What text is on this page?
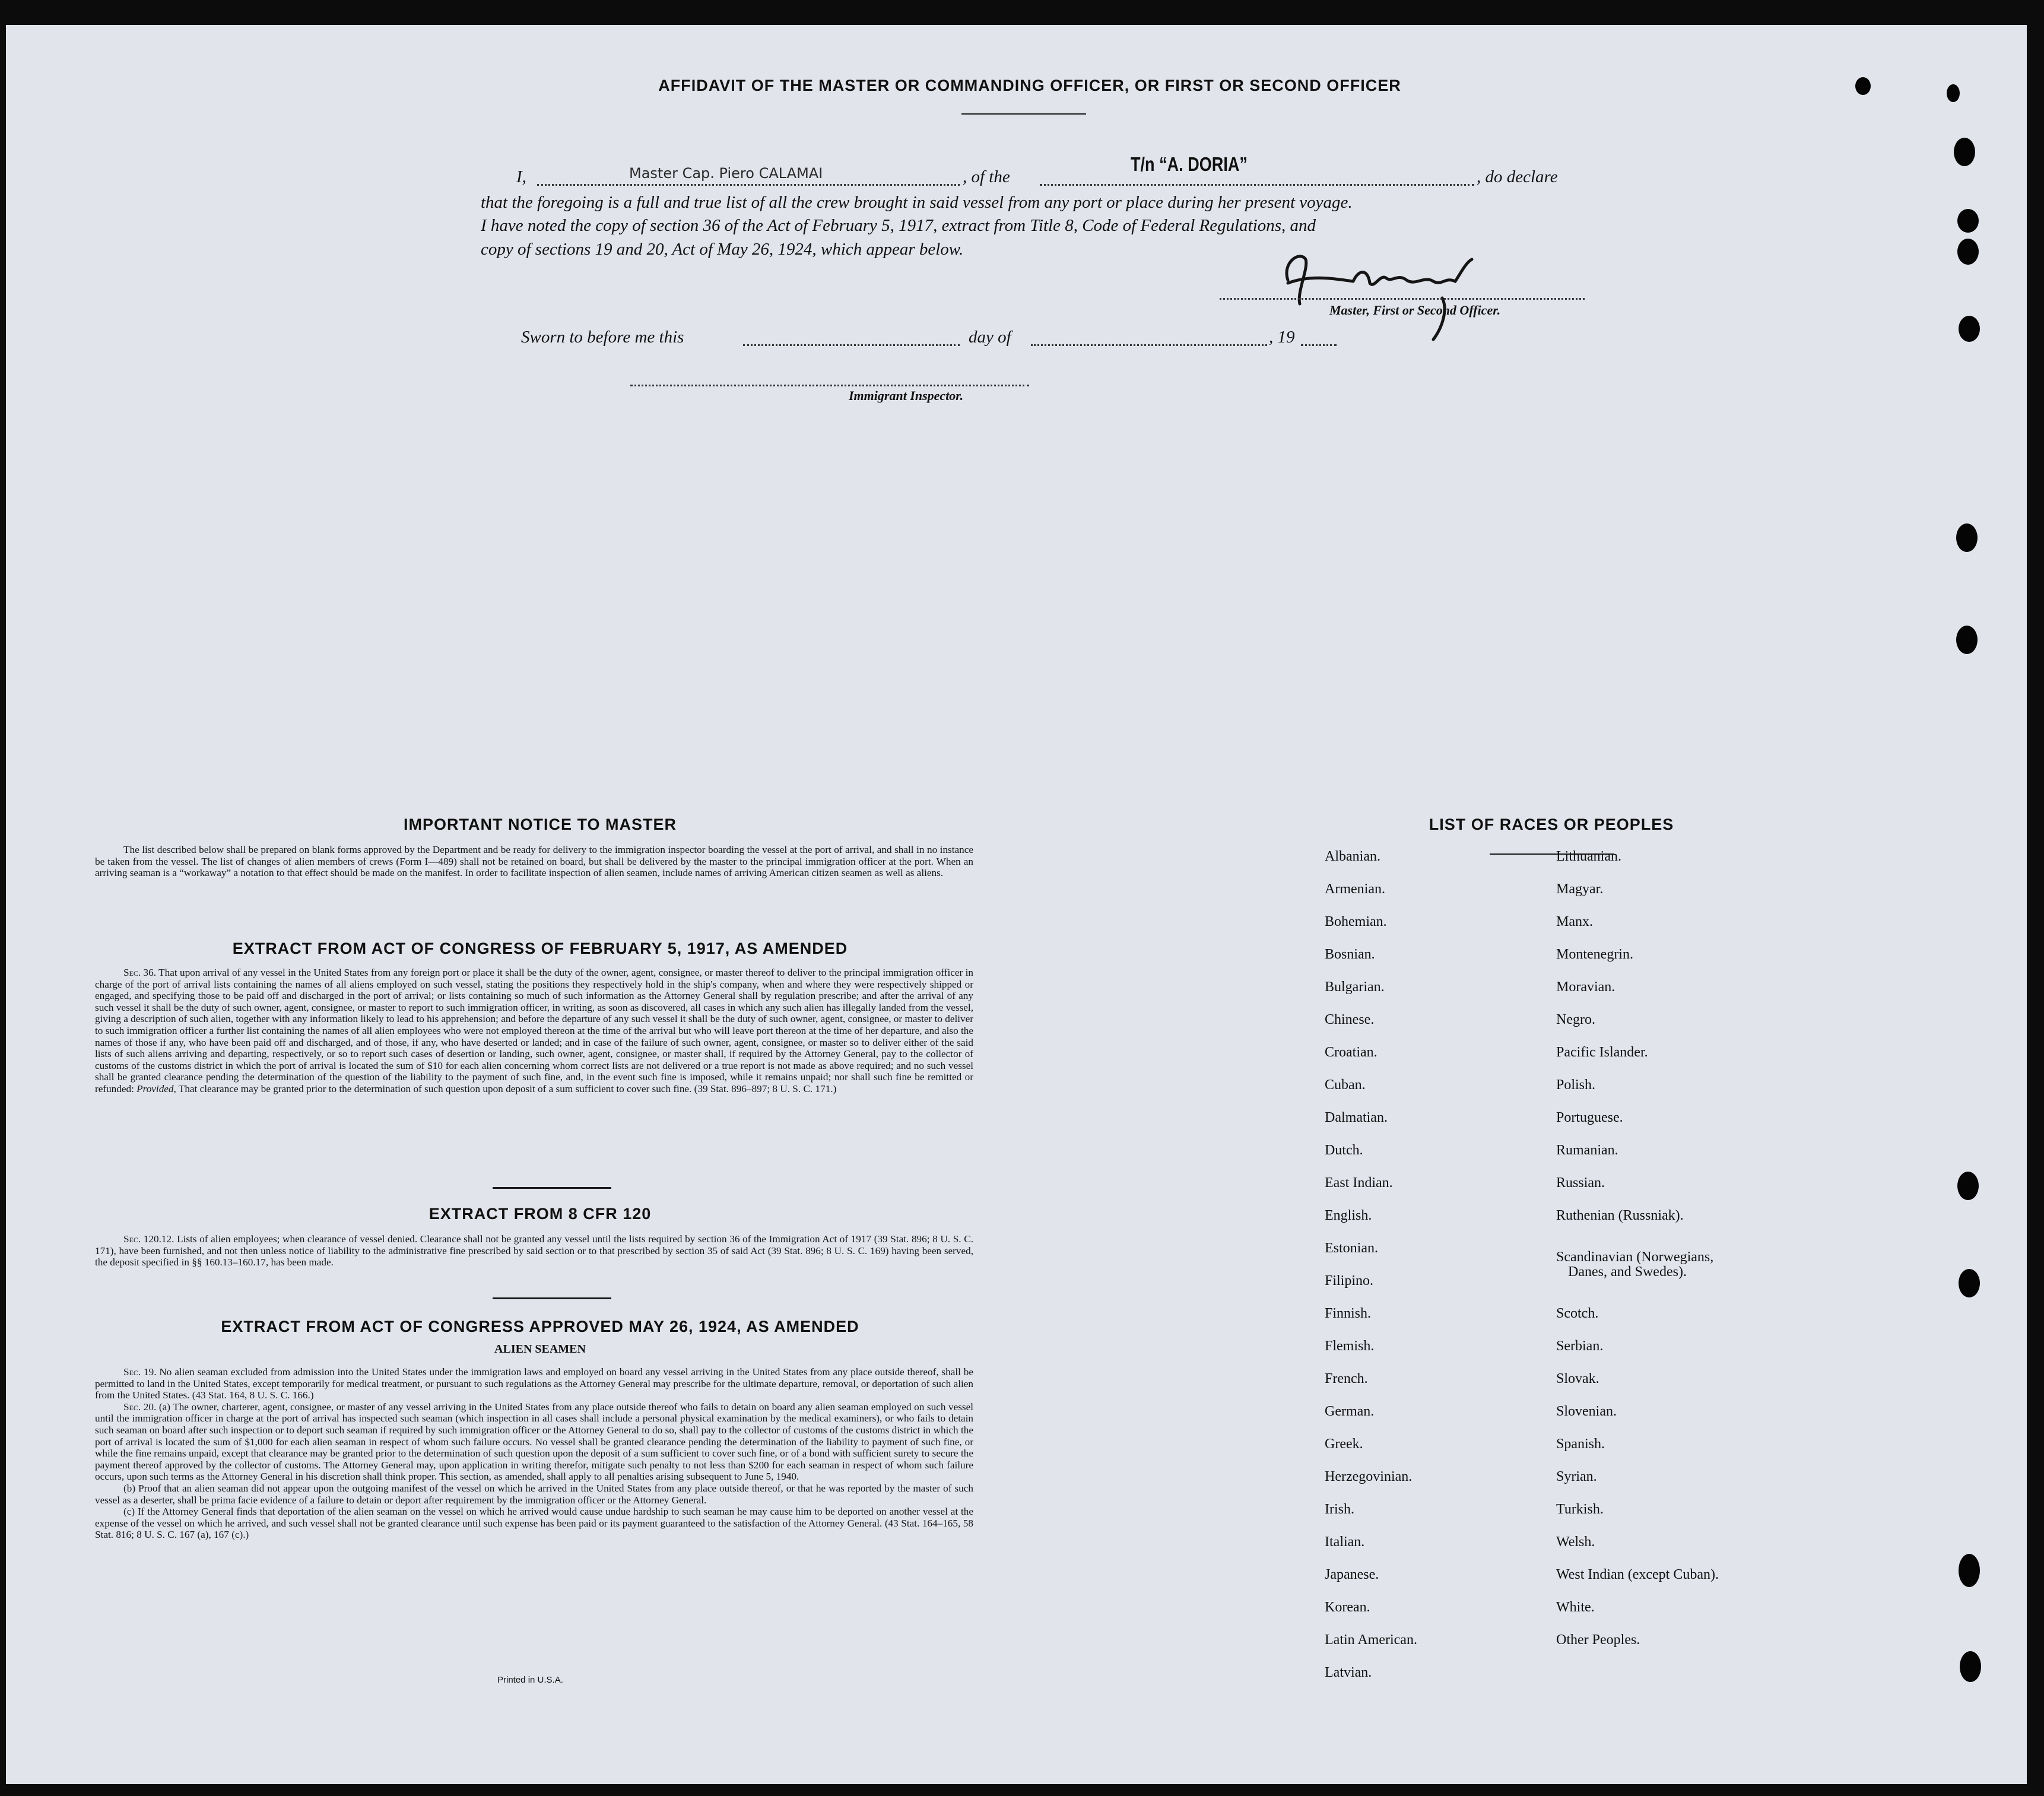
AFFIDAVIT OF THE MASTER OR COMMANDING OFFICER, OR FIRST OR SECOND OFFICER
I,	Master Cap. Piero CALAMAI	, of the
T/n “A. DORIA”
, do declare
that the foregoing is a full and true list of all the crew brought in said vessel from any port or place during her present voyage.
I have noted the copy of section 36 of the Act of February 5, 1917, extract from Title 8, Code of Federal Regulations, and
copy of sections 19 and 20, Act of May 26, 1924, which appear below.
Master, First or Second Officer.
Sworn to before me this	day of	, 19
Immigrant Inspector.
IMPORTANT NOTICE TO MASTER

The list described below shall be prepared on blank forms approved by the Department and be ready for delivery to the immigration inspector boarding the vessel at the port of arrival, and shall in no instance be taken from the vessel. The list of changes of alien members of crews (Form I—489) shall not be retained on board, but shall be delivered by the master to the principal immigration officer at the port. When an arriving seaman is a “workaway” a notation to that effect should be made on the manifest. In order to facilitate inspection of alien seamen, include names of arriving American citizen seamen as well as aliens.

EXTRACT FROM ACT OF CONGRESS OF FEBRUARY 5, 1917, AS AMENDED

Sec. 36. That upon arrival of any vessel in the United States from any foreign port or place it shall be the duty of the owner, agent, consignee, or master thereof to deliver to the principal immigration officer in charge of the port of arrival lists containing the names of all aliens employed on such vessel, stating the positions they respectively hold in the ship's company, when and where they were respectively shipped or engaged, and specifying those to be paid off and discharged in the port of arrival; or lists containing so much of such information as the Attorney General shall by regulation prescribe; and after the arrival of any such vessel it shall be the duty of such owner, agent, consignee, or master to report to such immigration officer, in writing, as soon as discovered, all cases in which any such alien has illegally landed from the vessel, giving a description of such alien, together with any information likely to lead to his apprehension; and before the departure of any such vessel it shall be the duty of such owner, agent, consignee, or master to deliver to such immigration officer a further list containing the names of all alien employees who were not employed thereon at the time of the arrival but who will leave port thereon at the time of her departure, and also the names of those if any, who have been paid off and discharged, and of those, if any, who have deserted or landed; and in case of the failure of such owner, agent, consignee, or master so to deliver either of the said lists of such aliens arriving and departing, respectively, or so to report such cases of desertion or landing, such owner, agent, consignee, or master shall, if required by the Attorney General, pay to the collector of customs of the customs district in which the port of arrival is located the sum of $10 for each alien concerning whom correct lists are not delivered or a true report is not made as above required; and no such vessel shall be granted clearance pending the determination of the question of the liability to the payment of such fine, and, in the event such fine is imposed, while it remains unpaid; nor shall such fine be remitted or refunded: Provided, That clearance may be granted prior to the determination of such question upon deposit of a sum sufficient to cover such fine. (39 Stat. 896–897; 8 U. S. C. 171.)

EXTRACT FROM 8 CFR 120

Sec. 120.12. Lists of alien employees; when clearance of vessel denied. Clearance shall not be granted any vessel until the lists required by section 36 of the Immigration Act of 1917 (39 Stat. 896; 8 U. S. C. 171), have been furnished, and not then unless notice of liability to the administrative fine prescribed by said section or to that prescribed by section 35 of said Act (39 Stat. 896; 8 U. S. C. 169) having been served, the deposit specified in §§ 160.13–160.17, has been made.

EXTRACT FROM ACT OF CONGRESS APPROVED MAY 26, 1924, AS AMENDED
ALIEN SEAMEN

Sec. 19. No alien seaman excluded from admission into the United States under the immigration laws and employed on board any vessel arriving in the United States from any place outside thereof, shall be permitted to land in the United States, except temporarily for medical treatment, or pursuant to such regulations as the Attorney General may prescribe for the ultimate departure, removal, or deportation of such alien from the United States. (43 Stat. 164, 8 U. S. C. 166.)

Sec. 20. (a) The owner, charterer, agent, consignee, or master of any vessel arriving in the United States from any place outside thereof who fails to detain on board any alien seaman employed on such vessel until the immigration officer in charge at the port of arrival has inspected such seaman (which inspection in all cases shall include a personal physical examination by the medical examiners), or who fails to detain such seaman on board after such inspection or to deport such seaman if required by such immigration officer or the Attorney General to do so, shall pay to the collector of customs of the customs district in which the port of arrival is located the sum of $1,000 for each alien seaman in respect of whom such failure occurs. No vessel shall be granted clearance pending the determination of the liability to payment of such fine, or while the fine remains unpaid, except that clearance may be granted prior to the determination of such question upon the deposit of a sum sufficient to cover such fine, or of a bond with sufficient surety to secure the payment thereof approved by the collector of customs. The Attorney General may, upon application in writing therefor, mitigate such penalty to not less than $200 for each seaman in respect of whom such failure occurs, upon such terms as the Attorney General in his discretion shall think proper. This section, as amended, shall apply to all penalties arising subsequent to June 5, 1940.

(b) Proof that an alien seaman did not appear upon the outgoing manifest of the vessel on which he arrived in the United States from any place outside thereof, or that he was reported by the master of such vessel as a deserter, shall be prima facie evidence of a failure to detain or deport after requirement by the immigration officer or the Attorney General.

(c) If the Attorney General finds that deportation of the alien seaman on the vessel on which he arrived would cause undue hardship to such seaman he may cause him to be deported on another vessel at the expense of the vessel on which he arrived, and such vessel shall not be granted clearance until such expense has been paid or its payment guaranteed to the satisfaction of the Attorney General. (43 Stat. 164–165, 58 Stat. 816; 8 U. S. C. 167 (a), 167 (c).)

Printed in U.S.A.
LIST OF RACES OR PEOPLES
Albanian.
Armenian.
Bohemian.
Bosnian.
Bulgarian.
Chinese.
Croatian.
Cuban.
Dalmatian.
Dutch.
East Indian.
English.
Estonian.
Filipino.
Finnish.
Flemish.
French.
German.
Greek.
Herzegovinian.
Irish.
Italian.
Japanese.
Korean.
Latin American.
Latvian.
Lithuanian.
Magyar.
Manx.
Montenegrin.
Moravian.
Negro.
Pacific Islander.
Polish.
Portuguese.
Rumanian.
Russian.
Ruthenian (Russniak).
Scandinavian (Norwegians,
Danes, and Swedes).
Scotch.
Serbian.
Slovak.
Slovenian.
Spanish.
Syrian.
Turkish.
Welsh.
West Indian (except Cuban).
White.
Other Peoples.
